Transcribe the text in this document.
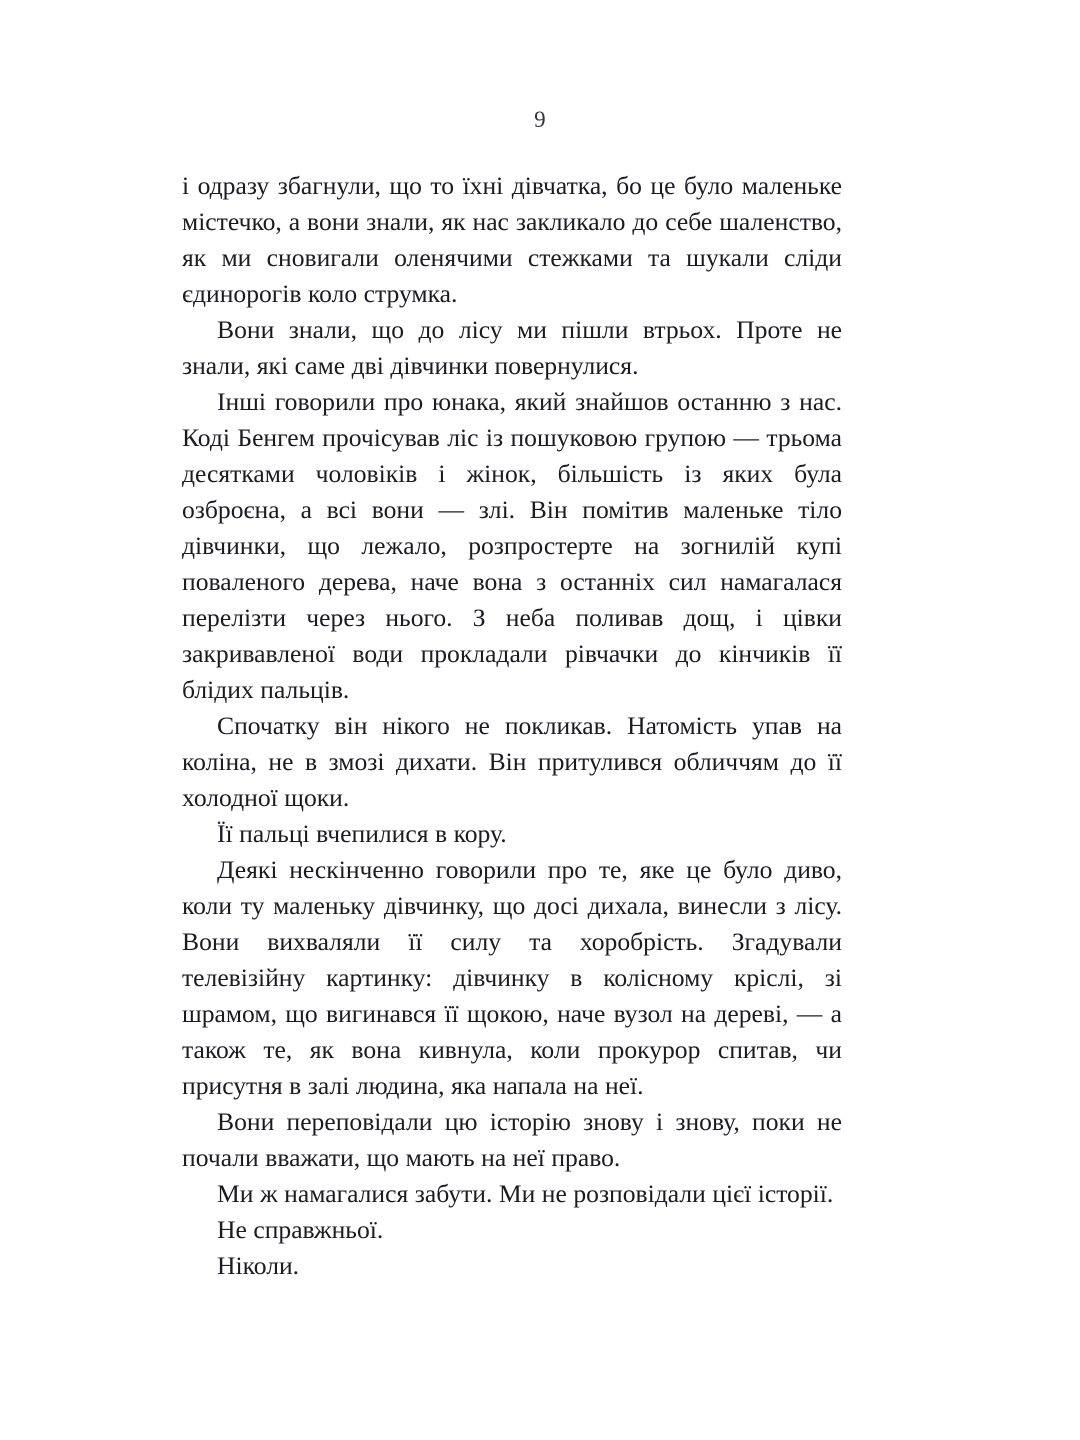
9

і одразу збагнули, що то їхні дівчатка, бо це було маленьке містечко, а вони знали, як нас закликало до себе шаленство, як ми сновигали оленячими стежками та шукали сліди єдинорогів коло струмка.

Вони знали, що до лісу ми пішли втрьох. Проте не знали, які саме дві дівчинки повернулися.

Інші говорили про юнака, який знайшов останню з нас. Коді Бенгем прочісував ліс із пошуковою групою — трьома десятками чоловіків і жінок, більшість із яких була озброєна, а всі вони — злі. Він помітив маленьке тіло дівчинки, що лежало, розпростерте на зогнилій купі поваленого дерева, наче вона з останніх сил намагалася перелізти через нього. З неба поливав дощ, і цівки закривавленої води прокладали рівчачки до кінчиків її блідих пальців.

Спочатку він нікого не покликав. Натомість упав на коліна, не в змозі дихати. Він притулився обличчям до її холодної щоки.

Її пальці вчепилися в кору.

Деякі нескінченно говорили про те, яке це було диво, коли ту маленьку дівчинку, що досі дихала, винесли з лісу. Вони вихваляли її силу та хоробрість. Згадували телевізійну картинку: дівчинку в колісному кріслі, зі шрамом, що вигинався її щокою, наче вузол на дереві, — а також те, як вона кивнула, коли прокурор спитав, чи присутня в залі людина, яка напала на неї.

Вони переповідали цю історію знову і знову, поки не почали вважати, що мають на неї право.

Ми ж намагалися забути. Ми не розповідали цієї історії.

Не справжньої.

Ніколи.
